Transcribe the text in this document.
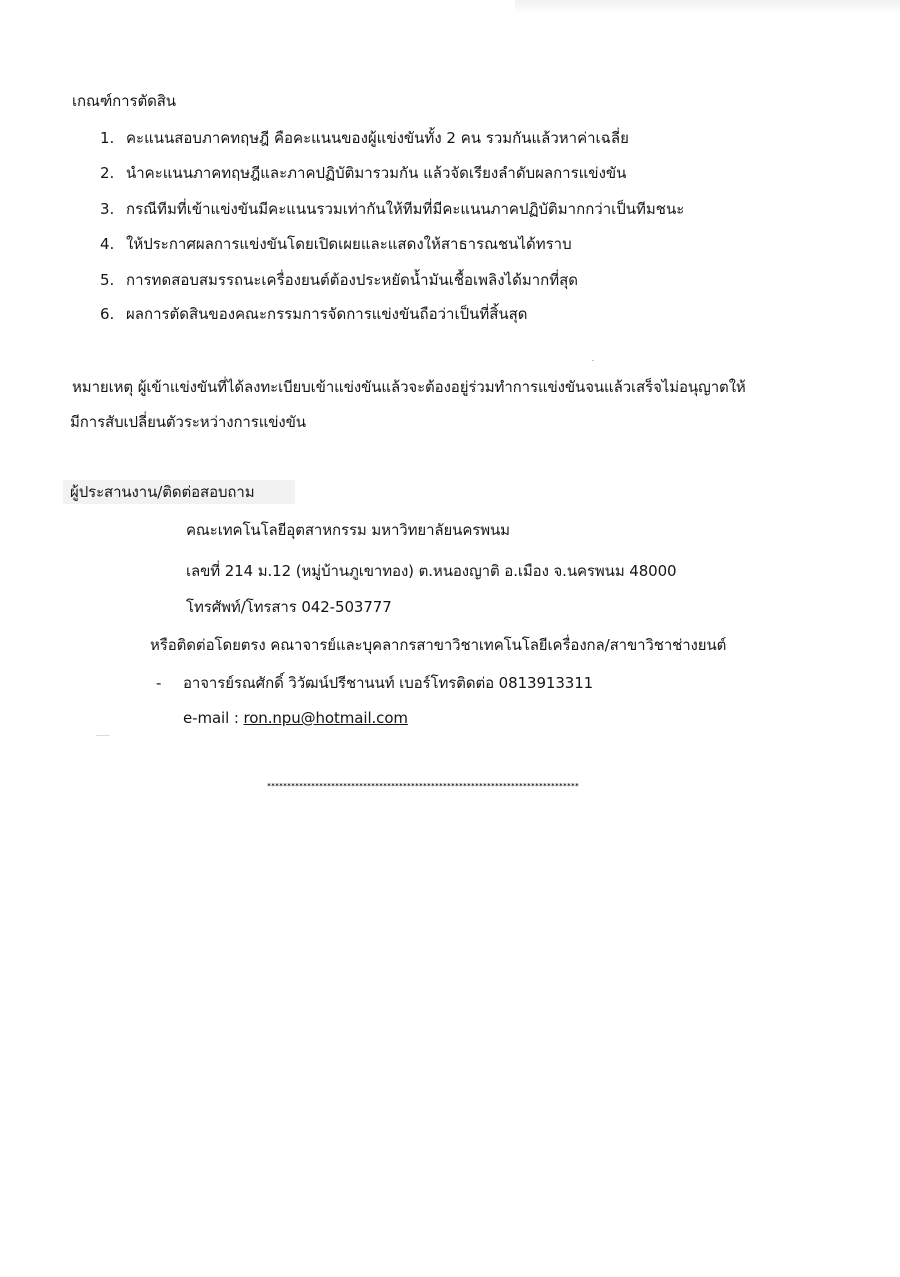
เกณฑ์การตัดสิน
1. คะแนนสอบภาคทฤษฎี คือคะแนนของผู้แข่งขันทั้ง 2 คน รวมกันแล้วหาค่าเฉลี่ย
2. นำคะแนนภาคทฤษฎีและภาคปฏิบัติมารวมกัน แล้วจัดเรียงลำดับผลการแข่งขัน
3. กรณีทีมที่เข้าแข่งขันมีคะแนนรวมเท่ากันให้ทีมที่มีคะแนนภาคปฏิบัติมากกว่าเป็นทีมชนะ
4. ให้ประกาศผลการแข่งขันโดยเปิดเผยและแสดงให้สาธารณชนได้ทราบ
5. การทดสอบสมรรถนะเครื่องยนต์ต้องประหยัดน้ำมันเชื้อเพลิงได้มากที่สุด
6. ผลการตัดสินของคณะกรรมการจัดการแข่งขันถือว่าเป็นที่สิ้นสุด
หมายเหตุ ผู้เข้าแข่งขันที่ได้ลงทะเบียบเข้าแข่งขันแล้วจะต้องอยู่ร่วมทำการแข่งขันจนแล้วเสร็จไม่อนุญาตให้
มีการสับเปลี่ยนตัวระหว่างการแข่งขัน
ผู้ประสานงาน/ติดต่อสอบถาม
คณะเทคโนโลยีอุตสาหกรรม มหาวิทยาลัยนครพนม
เลขที่ 214 ม.12 (หมู่บ้านภูเขาทอง) ต.หนองญาติ อ.เมือง จ.นครพนม 48000
โทรศัพท์/โทรสาร 042-503777
หรือติดต่อโดยตรง คณาจารย์และบุคลากรสาขาวิชาเทคโนโลยีเครื่องกล/สาขาวิชาช่างยนต์
- อาจารย์รณศักดิ์ วิวัฒน์ปรีชานนท์ เบอร์โทรติดต่อ 0813913311
e-mail : ron.npu@hotmail.com
******************************************************************************
